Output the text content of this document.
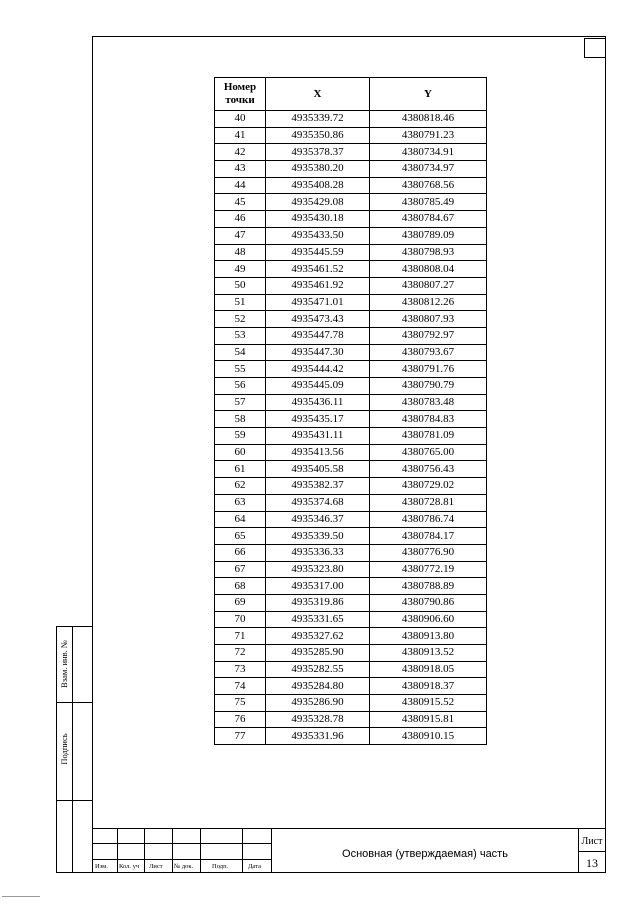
Взам. инв. №
Подпись
Номер точки	X	Y
40	4935339.72	4380818.46
41	4935350.86	4380791.23
42	4935378.37	4380734.91
43	4935380.20	4380734.97
44	4935408.28	4380768.56
45	4935429.08	4380785.49
46	4935430.18	4380784.67
47	4935433.50	4380789.09
48	4935445.59	4380798.93
49	4935461.52	4380808.04
50	4935461.92	4380807.27
51	4935471.01	4380812.26
52	4935473.43	4380807.93
53	4935447.78	4380792.97
54	4935447.30	4380793.67
55	4935444.42	4380791.76
56	4935445.09	4380790.79
57	4935436.11	4380783.48
58	4935435.17	4380784.83
59	4935431.11	4380781.09
60	4935413.56	4380765.00
61	4935405.58	4380756.43
62	4935382.37	4380729.02
63	4935374.68	4380728.81
64	4935346.37	4380786.74
65	4935339.50	4380784.17
66	4935336.33	4380776.90
67	4935323.80	4380772.19
68	4935317.00	4380788.89
69	4935319.86	4380790.86
70	4935331.65	4380906.60
71	4935327.62	4380913.80
72	4935285.90	4380913.52
73	4935282.55	4380918.05
74	4935284.80	4380918.37
75	4935286.90	4380915.52
76	4935328.78	4380915.81
77	4935331.96	4380910.15
Изм. Кол. уч Лист № док.	Подп.	Дата
Основная (утверждаемая) часть
Лист
13
